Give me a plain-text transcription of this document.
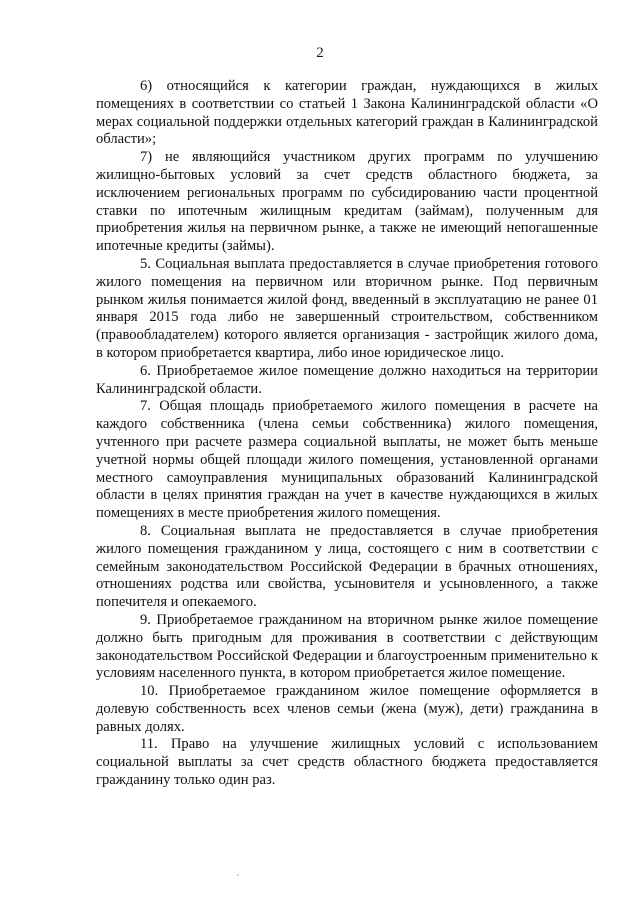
2

6) относящийся к категории граждан, нуждающихся в жилых помещениях в соответствии со статьей 1 Закона Калининградской области «О мерах социальной поддержки отдельных категорий граждан в Калининградской области»;

7) не являющийся участником других программ по улучшению жилищно-бытовых условий за счет средств областного бюджета, за исключением региональных программ по субсидированию части процентной ставки по ипотечным жилищным кредитам (займам), полученным для приобретения жилья на первичном рынке, а также не имеющий непогашенные ипотечные кредиты (займы).

5. Социальная выплата предоставляется в случае приобретения готового жилого помещения на первичном или вторичном рынке. Под первичным рынком жилья понимается жилой фонд, введенный в эксплуатацию не ранее 01 января 2015 года либо не завершенный строительством, собственником (правообладателем) которого является организация - застройщик жилого дома, в котором приобретается квартира, либо иное юридическое лицо.

6. Приобретаемое жилое помещение должно находиться на территории Калининградской области.

7. Общая площадь приобретаемого жилого помещения в расчете на каждого собственника (члена семьи собственника) жилого помещения, учтенного при расчете размера социальной выплаты, не может быть меньше учетной нормы общей площади жилого помещения, установленной органами местного самоуправления муниципальных образований Калининградской области в целях принятия граждан на учет в качестве нуждающихся в жилых помещениях в месте приобретения жилого помещения.

8. Социальная выплата не предоставляется в случае приобретения жилого помещения гражданином у лица, состоящего с ним в соответствии с семейным законодательством Российской Федерации в брачных отношениях, отношениях родства или свойства, усыновителя и усыновленного, а также попечителя и опекаемого.

9. Приобретаемое гражданином на вторичном рынке жилое помещение должно быть пригодным для проживания в соответствии с действующим законодательством Российской Федерации и благоустроенным применительно к условиям населенного пункта, в котором приобретается жилое помещение.

10. Приобретаемое гражданином жилое помещение оформляется в долевую собственность всех членов семьи (жена (муж), дети) гражданина в равных долях.

11. Право на улучшение жилищных условий с использованием социальной выплаты за счет средств областного бюджета предоставляется гражданину только один раз.
